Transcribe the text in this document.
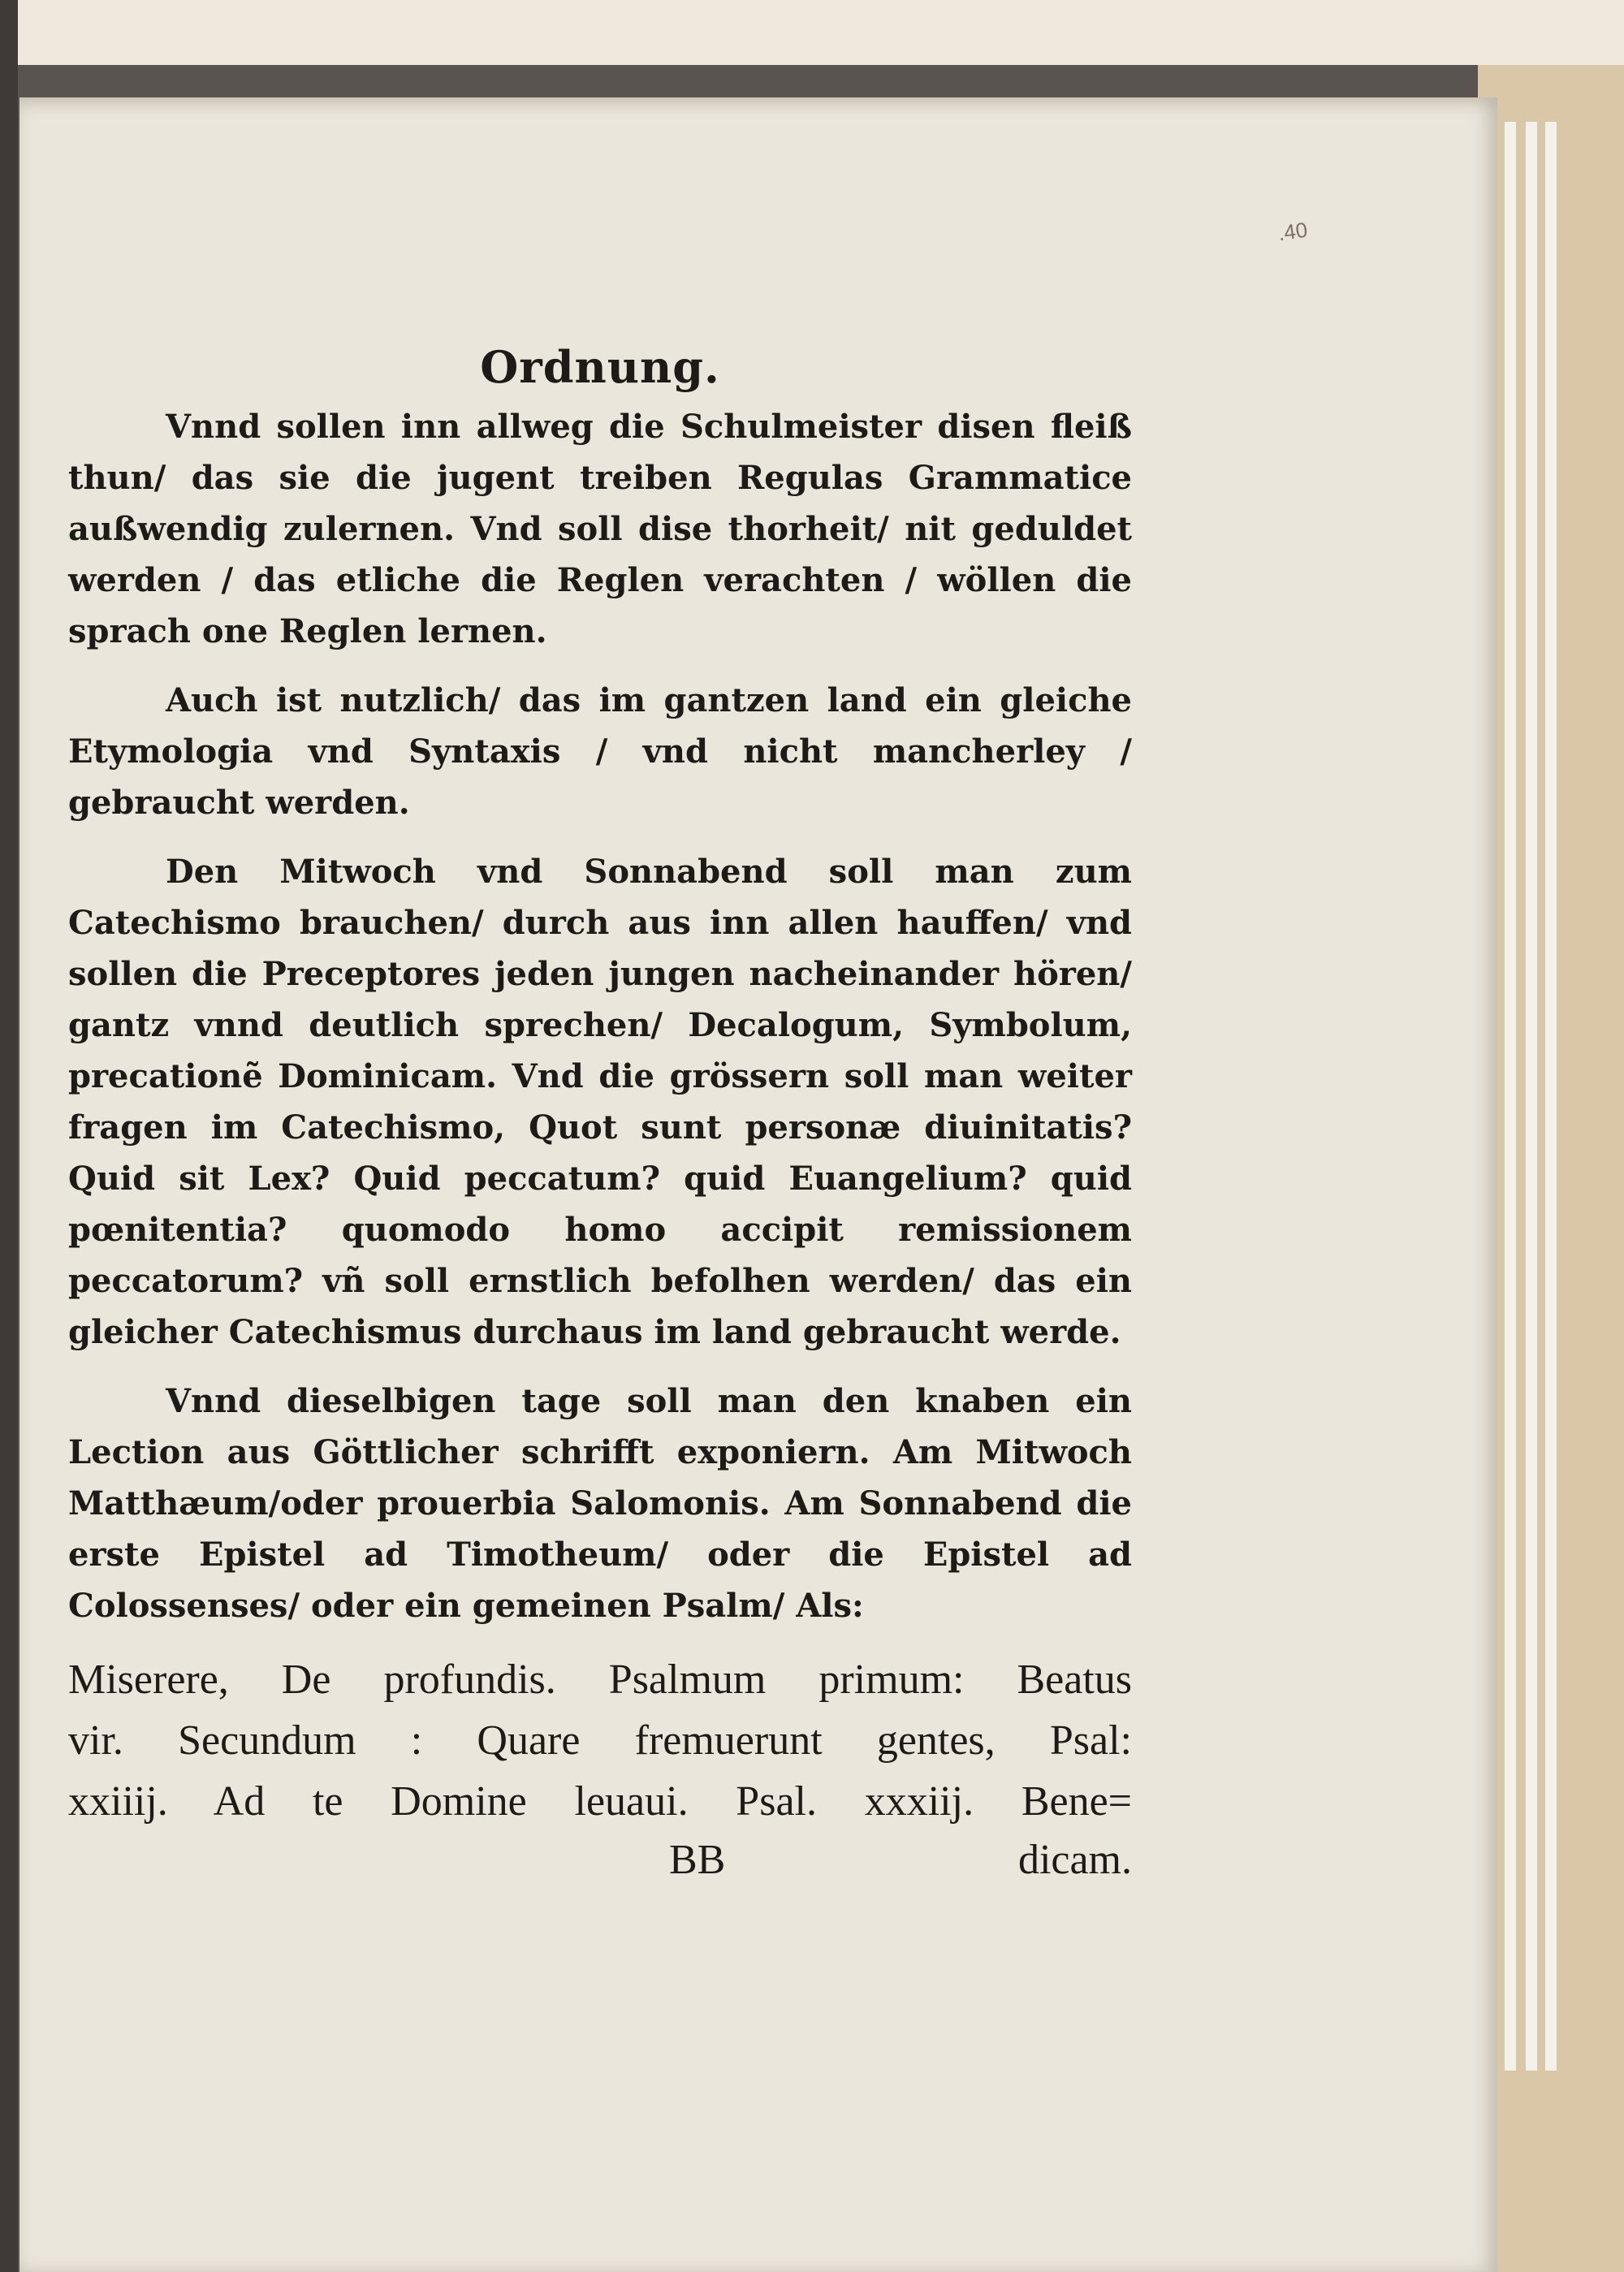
.40
Ordnung.

Vnnd sollen inn allweg die Schulmeister disen fleiß thun/ das sie die jugent treiben Regulas Grammatice außwendig zulernen. Vnd soll dise thorheit/ nit geduldet werden / das etliche die Reglen verachten / wöllen die sprach one Reglen lernen.

Auch ist nutzlich/ das im gantzen land ein gleiche Etymologia vnd Syntaxis / vnd nicht mancherley / gebraucht werden.

Den Mitwoch vnd Sonnabend soll man zum Catechismo brauchen/ durch aus inn allen hauffen/ vnd sollen die Preceptores jeden jungen nacheinander hören/ gantz vnnd deutlich sprechen/ Decalogum, Symbolum, precationẽ Dominicam. Vnd die grössern soll man weiter fragen im Catechismo, Quot sunt personæ diuinitatis? Quid sit Lex? Quid peccatum? quid Euangelium? quid pœnitentia? quomodo homo accipit remissionem peccatorum? vñ soll ernstlich befolhen werden/ das ein gleicher Catechismus durchaus im land gebraucht werde.

Vnnd dieselbigen tage soll man den knaben ein Lection aus Göttlicher schrifft exponiern. Am Mitwoch Matthæum/oder prouerbia Salomonis. Am Sonnabend die erste Epistel ad Timotheum/ oder die Epistel ad Colossenses/ oder ein gemeinen Psalm/ Als:

Miserere, De profundis. Psalmum primum: Beatus
vir. Secundum : Quare fremuerunt gentes, Psal:
xxiiij. Ad te Domine leuaui. Psal. xxxiij. Bene=
BB	dicam.
